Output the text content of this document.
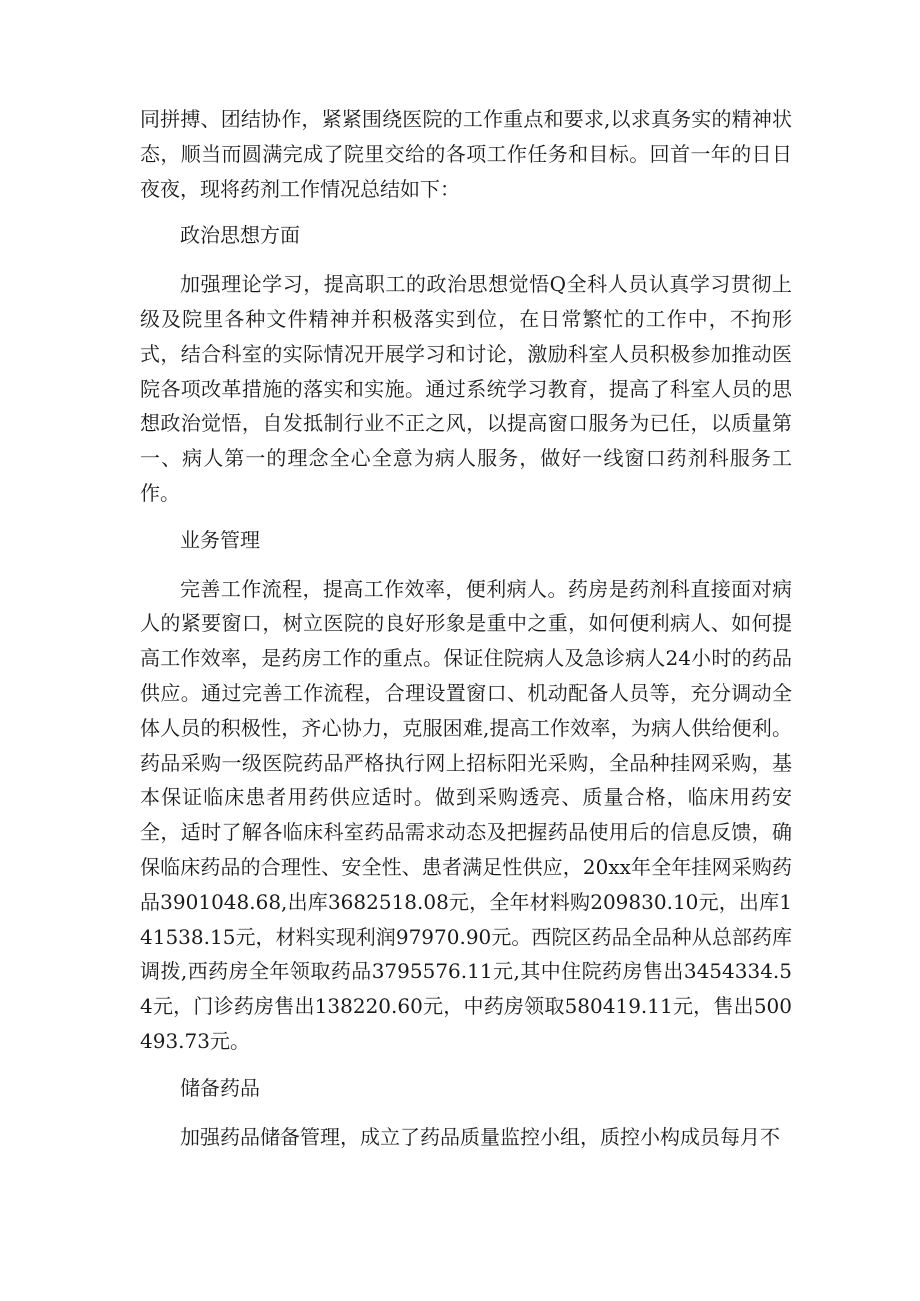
同拼搏、团结协作，紧紧围绕医院的工作重点和要求,以求真务实的精神状态，顺当而圆满完成了院里交给的各项工作任务和目标。回首一年的日日夜夜，现将药剂工作情况总结如下：

政治思想方面

加强理论学习，提高职工的政治思想觉悟Q全科人员认真学习贯彻上级及院里各种文件精神并积极落实到位，在日常繁忙的工作中，不拘形式，结合科室的实际情况开展学习和讨论，激励科室人员积极参加推动医院各项改革措施的落实和实施。通过系统学习教育，提高了科室人员的思想政治觉悟，自发抵制行业不正之风，以提高窗口服务为已任，以质量第一、病人第一的理念全心全意为病人服务，做好一线窗口药剂科服务工作。

业务管理

完善工作流程，提高工作效率，便利病人。药房是药剂科直接面对病人的紧要窗口，树立医院的良好形象是重中之重，如何便利病人、如何提高工作效率，是药房工作的重点。保证住院病人及急诊病人24小时的药品供应。通过完善工作流程，合理设置窗口、机动配备人员等，充分调动全体人员的积极性，齐心协力，克服困难,提高工作效率，为病人供给便利。药品采购一级医院药品严格执行网上招标阳光采购，全品种挂网采购，基本保证临床患者用药供应适时。做到采购透亮、质量合格，临床用药安全，适时了解各临床科室药品需求动态及把握药品使用后的信息反馈，确保临床药品的合理性、安全性、患者满足性供应，20xx年全年挂网采购药品3901048.68,出库3682518.08元，全年材料购209830.10元，出库141538.15元，材料实现利润97970.90元。西院区药品全品种从总部药库调拨,西药房全年领取药品3795576.11元,其中住院药房售出3454334.54元，门诊药房售出138220.60元，中药房领取580419.11元，售出500493.73元。

储备药品

加强药品储备管理，成立了药品质量监控小组，质控小构成员每月不
